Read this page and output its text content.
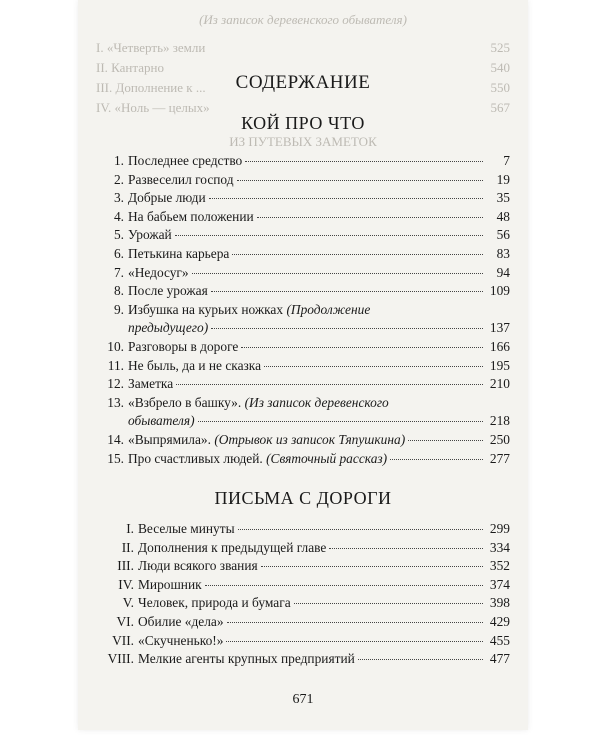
(Из записок деревенского обывателя)
I. «Четверть» земли	525
II. Кантарно	540
III. Дополнение к ...	550
IV. «Ноль — целых»	567
ИЗ ПУТЕВЫХ ЗАМЕТОК
СОДЕРЖАНИЕ
КОЙ ПРО ЧТО
1. Последнее средство	7
2. Развеселил господ	19
3. Добрые люди	35
4. На бабьем положении	48
5. Урожай	56
6. Петькина карьера	83
7. «Недосуг»	94
8. После урожая	109
9. Избушка на курьих ножках (Продолжение
предыдущего)	137
10. Разговоры в дороге	166
11. Не быль, да и не сказка	195
12. Заметка	210
13. «Взбрело в башку». (Из записок деревенского
обывателя)	218
14. «Выпрямила». (Отрывок из записок Тяпушкина)	250
15. Про счастливых людей. (Святочный рассказ)	277
ПИСЬМА С ДОРОГИ
I. Веселые минуты	299
II. Дополнения к предыдущей главе	334
III. Люди всякого звания	352
IV. Мирошник	374
V. Человек, природа и бумага	398
VI. Обилие «дела»	429
VII. «Скучненько!»	455
VIII. Мелкие агенты крупных предприятий	477
671
